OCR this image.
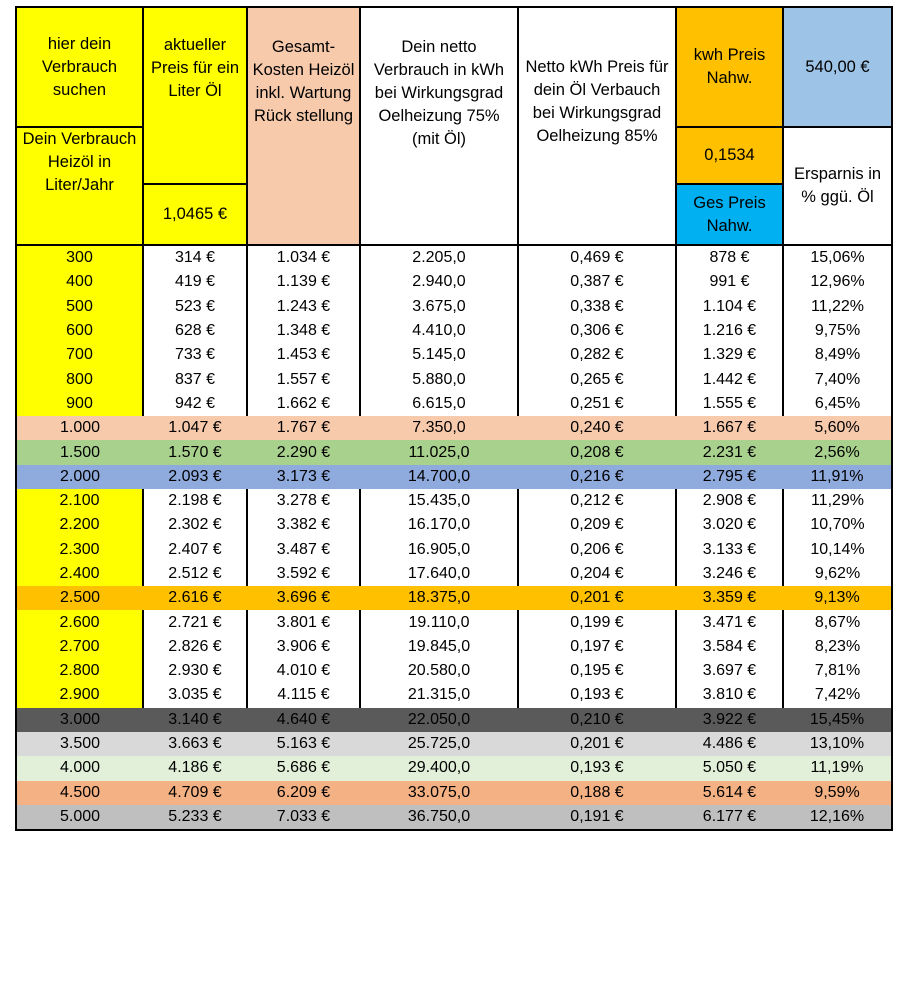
hier dein Verbrauch suchen	aktueller Preis für ein Liter Öl	Gesamt-Kosten Heizöl inkl. Wartung Rück stellung	Dein netto Verbrauch in kWh bei Wirkungsgrad Oelheizung 75% (mit Öl)	Netto kWh Preis für dein Öl Verbauch bei Wirkungsgrad Oelheizung 85%	kwh Preis Nahw.	540,00 €
Dein Verbrauch Heizöl in Liter/Jahr					0,1534	Ersparnis in % ggü. Öl
	1,0465 €				Ges Preis Nahw.	
300	314 €	1.034 €	2.205,0	0,469 €	878 €	15,06%
400	419 €	1.139 €	2.940,0	0,387 €	991 €	12,96%
500	523 €	1.243 €	3.675,0	0,338 €	1.104 €	11,22%
600	628 €	1.348 €	4.410,0	0,306 €	1.216 €	9,75%
700	733 €	1.453 €	5.145,0	0,282 €	1.329 €	8,49%
800	837 €	1.557 €	5.880,0	0,265 €	1.442 €	7,40%
900	942 €	1.662 €	6.615,0	0,251 €	1.555 €	6,45%
1.000	1.047 €	1.767 €	7.350,0	0,240 €	1.667 €	5,60%
1.500	1.570 €	2.290 €	11.025,0	0,208 €	2.231 €	2,56%
2.000	2.093 €	3.173 €	14.700,0	0,216 €	2.795 €	11,91%
2.100	2.198 €	3.278 €	15.435,0	0,212 €	2.908 €	11,29%
2.200	2.302 €	3.382 €	16.170,0	0,209 €	3.020 €	10,70%
2.300	2.407 €	3.487 €	16.905,0	0,206 €	3.133 €	10,14%
2.400	2.512 €	3.592 €	17.640,0	0,204 €	3.246 €	9,62%
2.500	2.616 €	3.696 €	18.375,0	0,201 €	3.359 €	9,13%
2.600	2.721 €	3.801 €	19.110,0	0,199 €	3.471 €	8,67%
2.700	2.826 €	3.906 €	19.845,0	0,197 €	3.584 €	8,23%
2.800	2.930 €	4.010 €	20.580,0	0,195 €	3.697 €	7,81%
2.900	3.035 €	4.115 €	21.315,0	0,193 €	3.810 €	7,42%
3.000	3.140 €	4.640 €	22.050,0	0,210 €	3.922 €	15,45%
3.500	3.663 €	5.163 €	25.725,0	0,201 €	4.486 €	13,10%
4.000	4.186 €	5.686 €	29.400,0	0,193 €	5.050 €	11,19%
4.500	4.709 €	6.209 €	33.075,0	0,188 €	5.614 €	9,59%
5.000	5.233 €	7.033 €	36.750,0	0,191 €	6.177 €	12,16%
